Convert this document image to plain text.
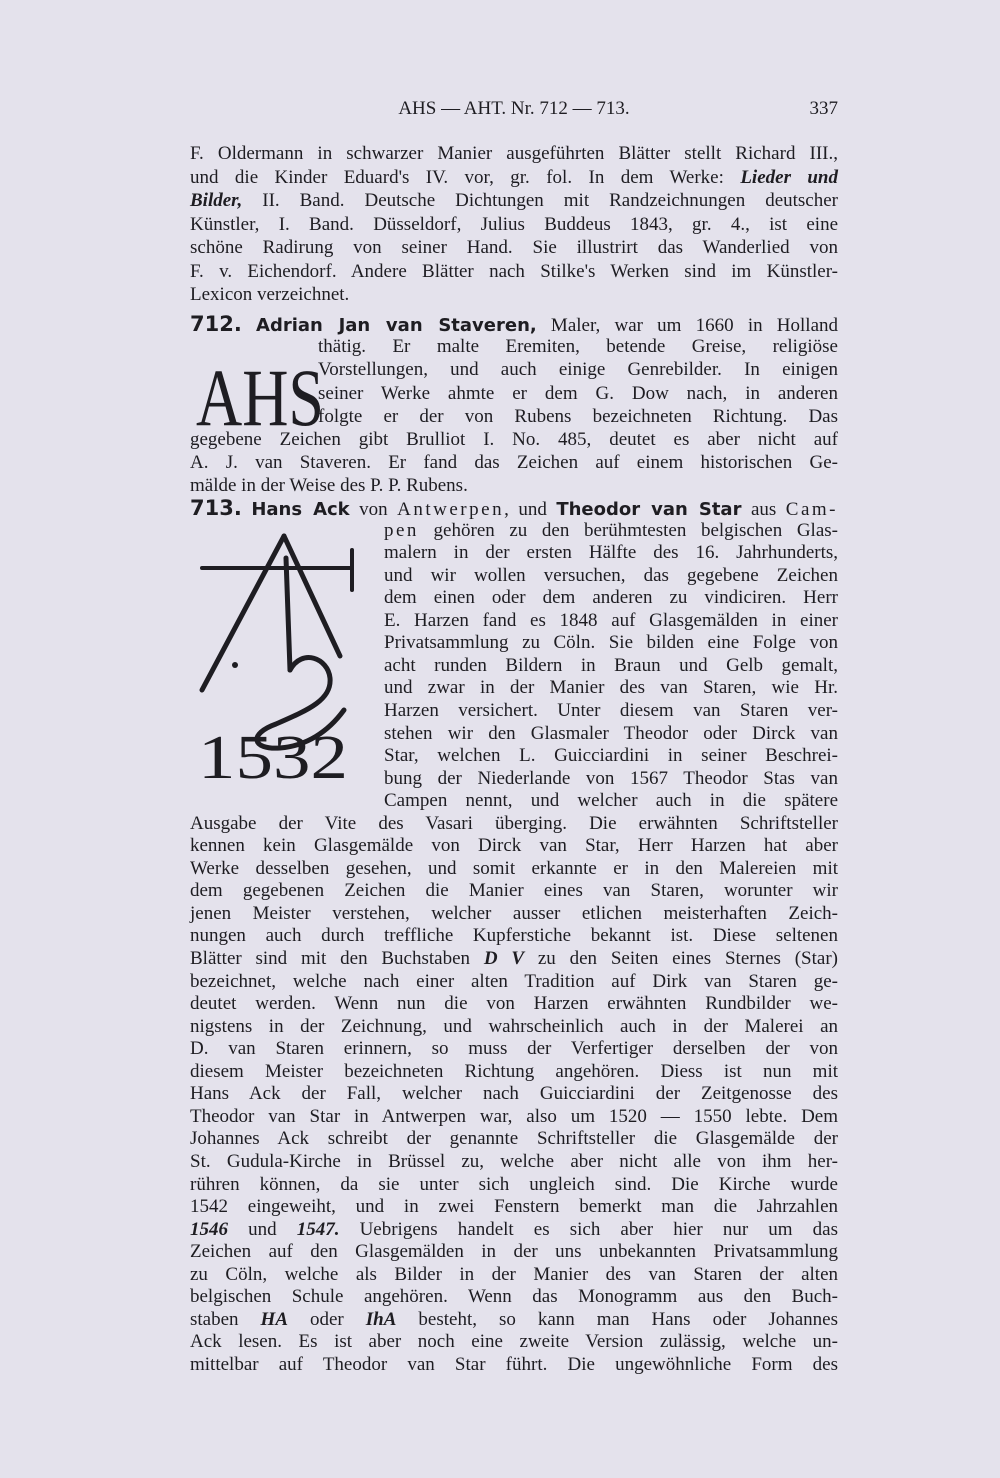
AHS — AHT. Nr. 712 — 713.	337
AHS
1532
F. Oldermann in schwarzer Manier ausgeführten Blätter stellt Richard III.,
und die Kinder Eduard's IV. vor, gr. fol. In dem Werke: Lieder und
Bilder, II. Band. Deutsche Dichtungen mit Randzeichnungen deutscher
Künstler, I. Band. Düsseldorf, Julius Buddeus 1843, gr. 4., ist eine
schöne Radirung von seiner Hand. Sie illustrirt das Wanderlied von
F. v. Eichendorf. Andere Blätter nach Stilke's Werken sind im Künstler-
Lexicon verzeichnet.
712. Adrian Jan van Staveren, Maler, war um 1660 in Holland
thätig. Er malte Eremiten, betende Greise, religiöse
Vorstellungen, und auch einige Genrebilder. In einigen
seiner Werke ahmte er dem G. Dow nach, in anderen
folgte er der von Rubens bezeichneten Richtung. Das
gegebene Zeichen gibt Brulliot I. No. 485, deutet es aber nicht auf
A. J. van Staveren. Er fand das Zeichen auf einem historischen Ge-
mälde in der Weise des P. P. Rubens.
713. Hans Ack von Antwerpen, und Theodor van Star aus Cam-
pen gehören zu den berühmtesten belgischen Glas-
malern in der ersten Hälfte des 16. Jahrhunderts,
und wir wollen versuchen, das gegebene Zeichen
dem einen oder dem anderen zu vindiciren. Herr
E. Harzen fand es 1848 auf Glasgemälden in einer
Privatsammlung zu Cöln. Sie bilden eine Folge von
acht runden Bildern in Braun und Gelb gemalt,
und zwar in der Manier des van Staren, wie Hr.
Harzen versichert. Unter diesem van Staren ver-
stehen wir den Glasmaler Theodor oder Dirck van
Star, welchen L. Guicciardini in seiner Beschrei-
bung der Niederlande von 1567 Theodor Stas van
Campen nennt, und welcher auch in die spätere
Ausgabe der Vite des Vasari überging. Die erwähnten Schriftsteller
kennen kein Glasgemälde von Dirck van Star, Herr Harzen hat aber
Werke desselben gesehen, und somit erkannte er in den Malereien mit
dem gegebenen Zeichen die Manier eines van Staren, worunter wir
jenen Meister verstehen, welcher ausser etlichen meisterhaften Zeich-
nungen auch durch treffliche Kupferstiche bekannt ist. Diese seltenen
Blätter sind mit den Buchstaben D V zu den Seiten eines Sternes (Star)
bezeichnet, welche nach einer alten Tradition auf Dirk van Staren ge-
deutet werden. Wenn nun die von Harzen erwähnten Rundbilder we-
nigstens in der Zeichnung, und wahrscheinlich auch in der Malerei an
D. van Staren erinnern, so muss der Verfertiger derselben der von
diesem Meister bezeichneten Richtung angehören. Diess ist nun mit
Hans Ack der Fall, welcher nach Guicciardini der Zeitgenosse des
Theodor van Star in Antwerpen war, also um 1520 — 1550 lebte. Dem
Johannes Ack schreibt der genannte Schriftsteller die Glasgemälde der
St. Gudula-Kirche in Brüssel zu, welche aber nicht alle von ihm her-
rühren können, da sie unter sich ungleich sind. Die Kirche wurde
1542 eingeweiht, und in zwei Fenstern bemerkt man die Jahrzahlen
1546 und 1547. Uebrigens handelt es sich aber hier nur um das
Zeichen auf den Glasgemälden in der uns unbekannten Privatsammlung
zu Cöln, welche als Bilder in der Manier des van Staren der alten
belgischen Schule angehören. Wenn das Monogramm aus den Buch-
staben HA oder IhA besteht, so kann man Hans oder Johannes
Ack lesen. Es ist aber noch eine zweite Version zulässig, welche un-
mittelbar auf Theodor van Star führt. Die ungewöhnliche Form des
